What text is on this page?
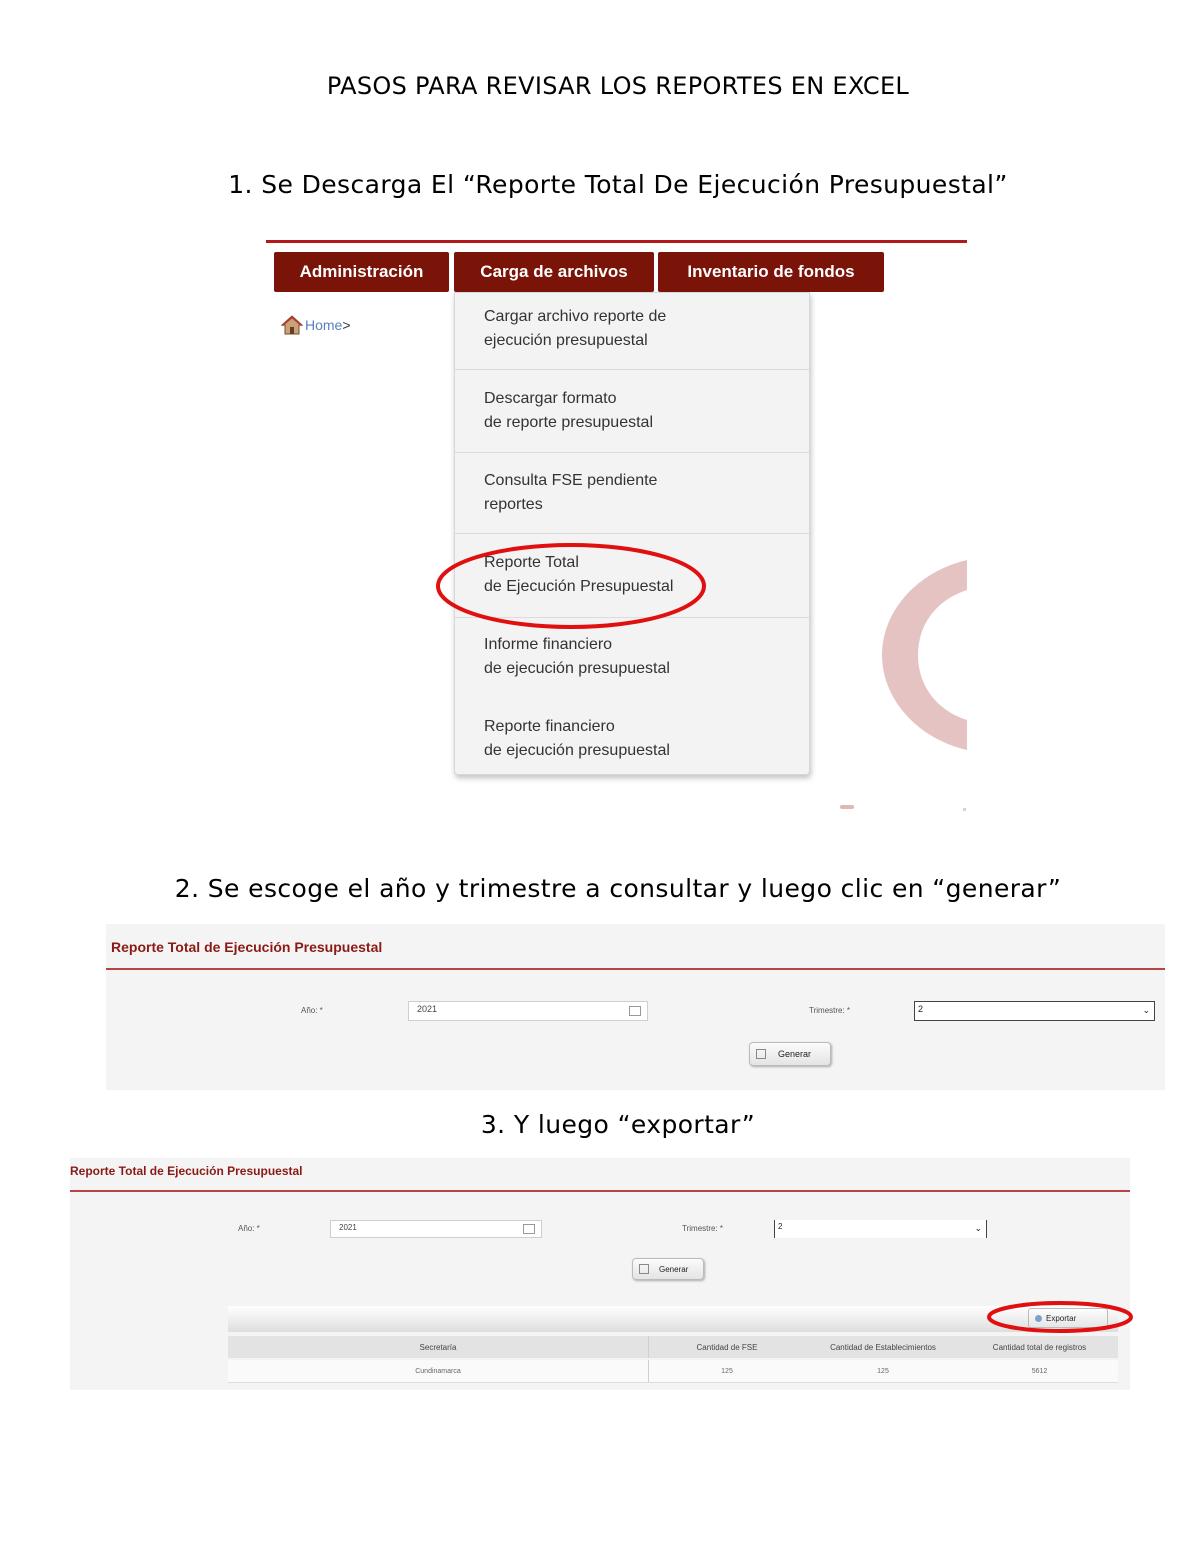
PASOS PARA REVISAR LOS REPORTES EN EXCEL
1. Se Descarga El “Reporte Total De Ejecución Presupuestal”
Administración	Carga de archivos	Inventario de fondos
Home >	Cargar archivo reporte de
ejecución presupuestal
Descargar formato
de reporte presupuestal
Consulta FSE pendiente
reportes
Reporte Total
de Ejecución Presupuestal
Informe financiero
de ejecución presupuestal
Reporte financiero
de ejecución presupuestal
2. Se escoge el año y trimestre a consultar y luego clic en “generar”
Reporte Total de Ejecución Presupuestal
Año: *	2021	Trimestre: *	2	⌄
Generar
3. Y luego “exportar”
Reporte Total de Ejecución Presupuestal
Año: *	2021	Trimestre: *	2	⌄
Generar
Exportar
Secretaría	Cantidad de FSE	Cantidad de Establecimientos	Cantidad total de registros
Cundinamarca	125	125	5612
